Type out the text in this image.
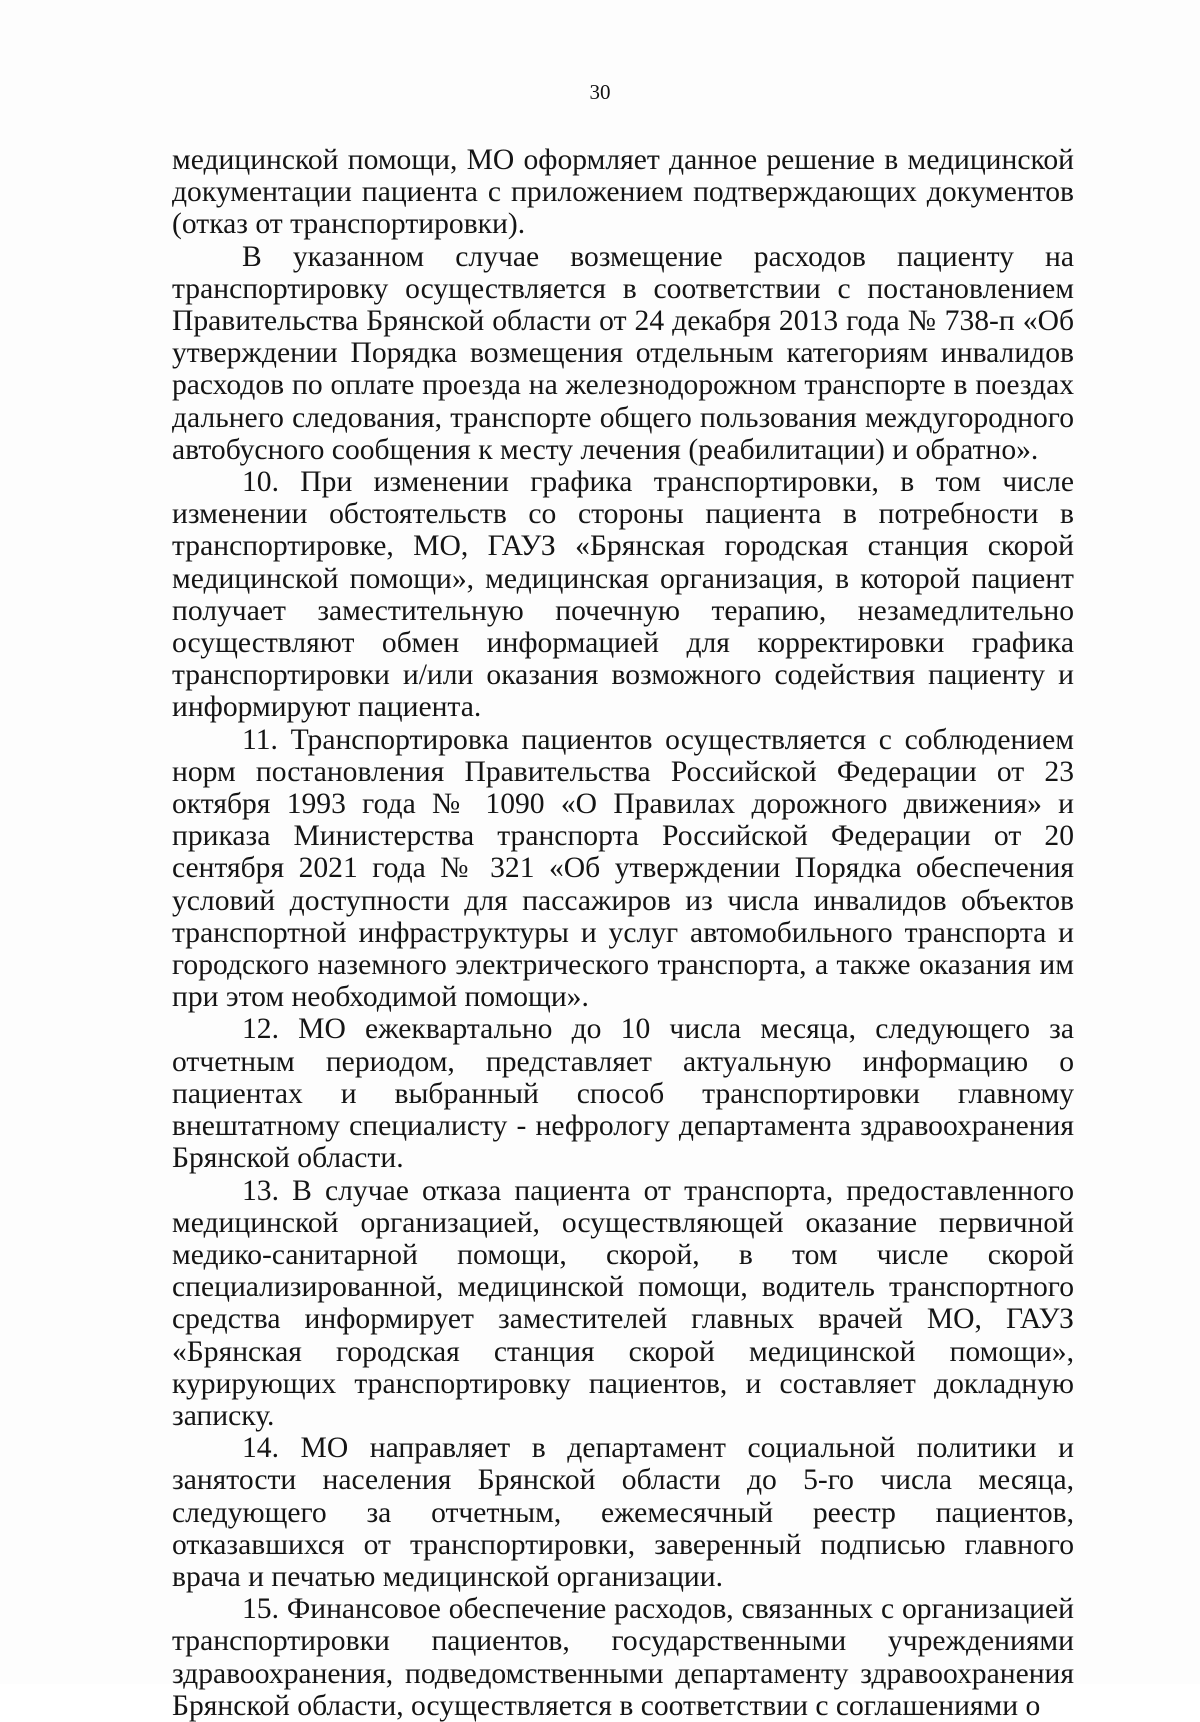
30

медицинской помощи, МО оформляет данное решение в медицинской документации пациента с приложением подтверждающих документов (отказ от транспортировки).

В указанном случае возмещение расходов пациенту на транспортировку осуществляется в соответствии с постановлением Правительства Брянской области от 24 декабря 2013 года № 738-п «Об утверждении Порядка возмещения отдельным категориям инвалидов расходов по оплате проезда на железнодорожном транспорте в поездах дальнего следования, транспорте общего пользования междугородного автобусного сообщения к месту лечения (реабилитации) и обратно».

10. При изменении графика транспортировки, в том числе изменении обстоятельств со стороны пациента в потребности в транспортировке, МО, ГАУЗ «Брянская городская станция скорой медицинской помощи», медицинская организация, в которой пациент получает заместительную почечную терапию, незамедлительно осуществляют обмен информацией для корректировки графика транспортировки и/или оказания возможного содействия пациенту и информируют пациента.

11. Транспортировка пациентов осуществляется с соблюдением норм постановления Правительства Российской Федерации от 23 октября 1993 года № 1090 «О Правилах дорожного движения» и приказа Министерства транспорта Российской Федерации от 20 сентября 2021 года № 321 «Об утверждении Порядка обеспечения условий доступности для пассажиров из числа инвалидов объектов транспортной инфраструктуры и услуг автомобильного транспорта и городского наземного электрического транспорта, а также оказания им при этом необходимой помощи».

12. МО ежеквартально до 10 числа месяца, следующего за отчетным периодом, представляет актуальную информацию о пациентах и выбранный способ транспортировки главному внештатному специалисту - нефрологу департамента здравоохранения Брянской области.

13. В случае отказа пациента от транспорта, предоставленного медицинской организацией, осуществляющей оказание первичной медико-санитарной помощи, скорой, в том числе скорой специализированной, медицинской помощи, водитель транспортного средства информирует заместителей главных врачей МО, ГАУЗ «Брянская городская станция скорой медицинской помощи», курирующих транспортировку пациентов, и составляет докладную записку.

14. МО направляет в департамент социальной политики и занятости населения Брянской области до 5-го числа месяца, следующего за отчетным, ежемесячный реестр пациентов, отказавшихся от транспортировки, заверенный подписью главного врача и печатью медицинской организации.

15. Финансовое обеспечение расходов, связанных с организацией транспортировки пациентов, государственными учреждениями здравоохранения, подведомственными департаменту здравоохранения Брянской области, осуществляется в соответствии с соглашениями о
